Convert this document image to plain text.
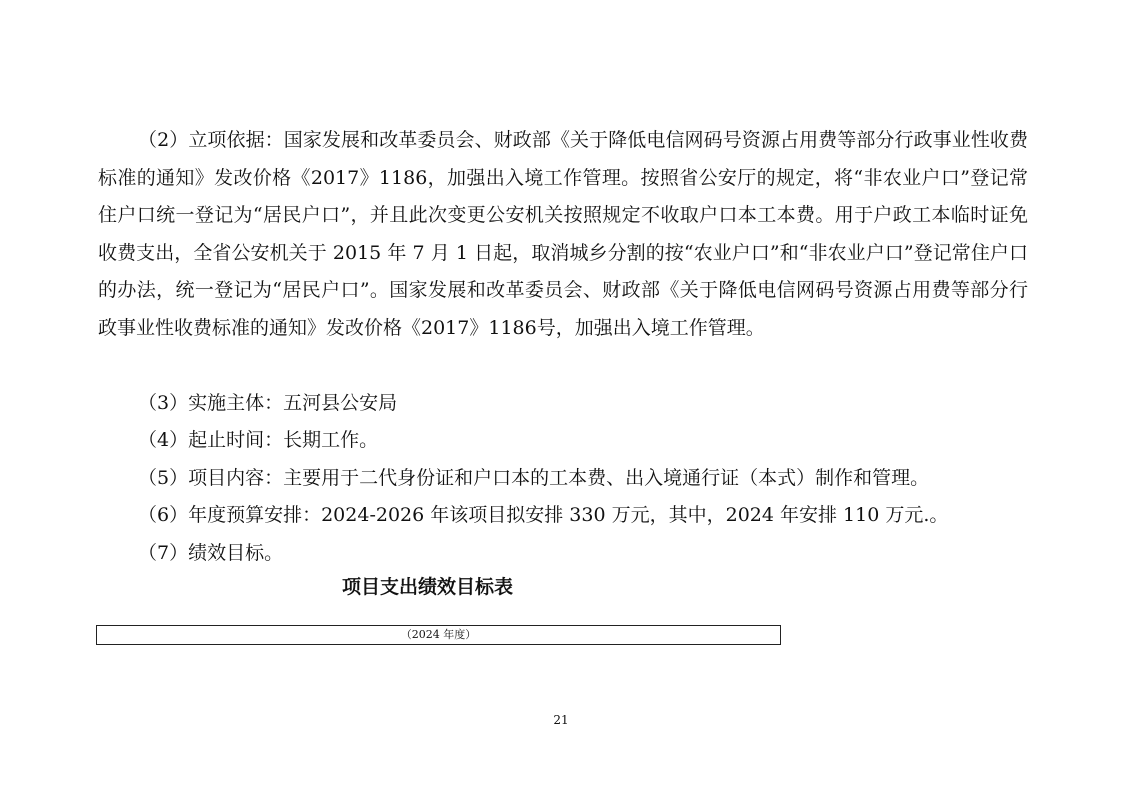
（2）立项依据：国家发展和改革委员会、财政部《关于降低电信网码号资源占用费等部分行政事业性收费标准的通知》发改价格《2017》1186，加强出入境工作管理。按照省公安厅的规定，将“非农业户口”登记常住户口统一登记为“居民户口”，并且此次变更公安机关按照规定不收取户口本工本费。用于户政工本临时证免收费支出，全省公安机关于 2015 年 7 月 1 日起，取消城乡分割的按“农业户口”和“非农业户口”登记常住户口的办法，统一登记为“居民户口”。国家发展和改革委员会、财政部《关于降低电信网码号资源占用费等部分行政事业性收费标准的通知》发改价格《2017》1186号，加强出入境工作管理。

（3）实施主体：五河县公安局

（4）起止时间：长期工作。

（5）项目内容：主要用于二代身份证和户口本的工本费、出入境通行证（本式）制作和管理。

（6）年度预算安排：2024-2026 年该项目拟安排 330 万元，其中，2024 年安排 110 万元.。

（7）绩效目标。

项目支出绩效目标表

（2024 年度）
21
